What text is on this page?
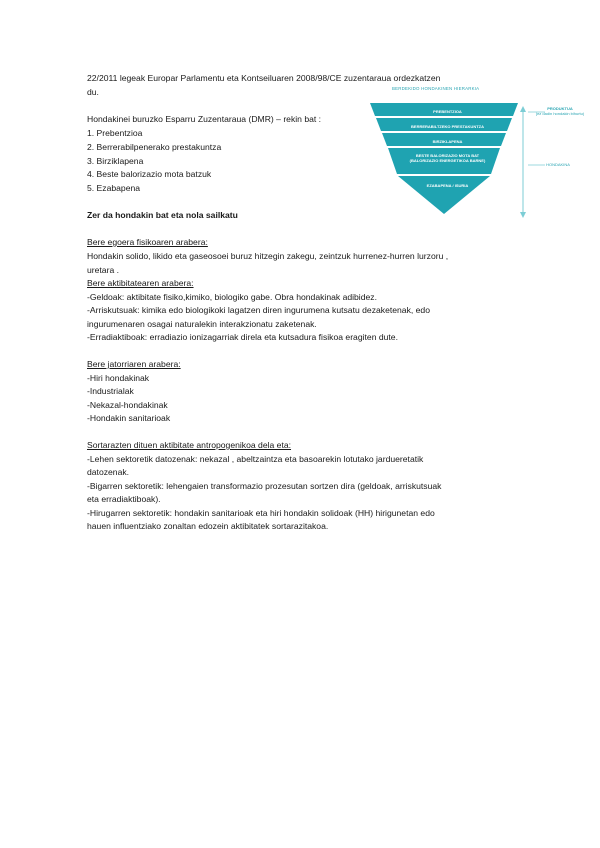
22/2011 legeak Europar Parlamentu eta Kontseiluaren 2008/98/CE zuzentaraua ordezkatzen
du.
Hondakinei buruzko Esparru Zuzentaraua (DMR) – rekin bat :
1. Prebentzioa
2. Berrerabilpenerako prestakuntza
3. Birziklapena
4. Beste balorizazio mota batzuk
5. Ezabapena
BERDEKIDO HONDAKINEN HIERARKIA
PREBENTZIOA
BERRERABILTZEKO PRESTAKUNTZA
BIRZIKLAPENA
BESTE BALORIZAZIO MOTA BAT (BALORIZAZIO ENERGETIKOA BARNE)
EZABAPENA / ISURIA
PRODUKTUA
(ez dadin hondakin bihurtu)
HONDAKINA
Zer da hondakin bat eta nola sailkatu
Bere egoera fisikoaren arabera:
Hondakin solido, likido eta gaseosoei buruz hitzegin zakegu, zeintzuk hurrenez-hurren lurzoru ,
uretara .
Bere aktibitatearen arabera:
-Geldoak: aktibitate fisiko,kimiko, biologiko gabe. Obra hondakinak adibidez.
-Arriskutsuak: kimika edo biologikoki lagatzen diren ingurumena kutsatu dezaketenak, edo
ingurumenaren osagai naturalekin interakzionatu zaketenak.
-Erradiaktiboak: erradiazio ionizagarriak direla eta kutsadura fisikoa eragiten dute.
Bere jatorriaren arabera:
-Hiri hondakinak
-Industrialak
-Nekazal-hondakinak
-Hondakin sanitarioak
Sortarazten dituen aktibitate antropogenikoa dela eta:
-Lehen sektoretik datozenak: nekazal , abeltzaintza eta basoarekin lotutako jardueretatik
datozenak.
-Bigarren sektoretik: lehengaien transformazio prozesutan sortzen dira (geldoak, arriskutsuak
eta erradiaktiboak).
-Hirugarren sektoretik: hondakin sanitarioak eta hiri hondakin solidoak (HH) hirigunetan edo
hauen influentziako zonaltan edozein aktibitatek sortarazitakoa.
